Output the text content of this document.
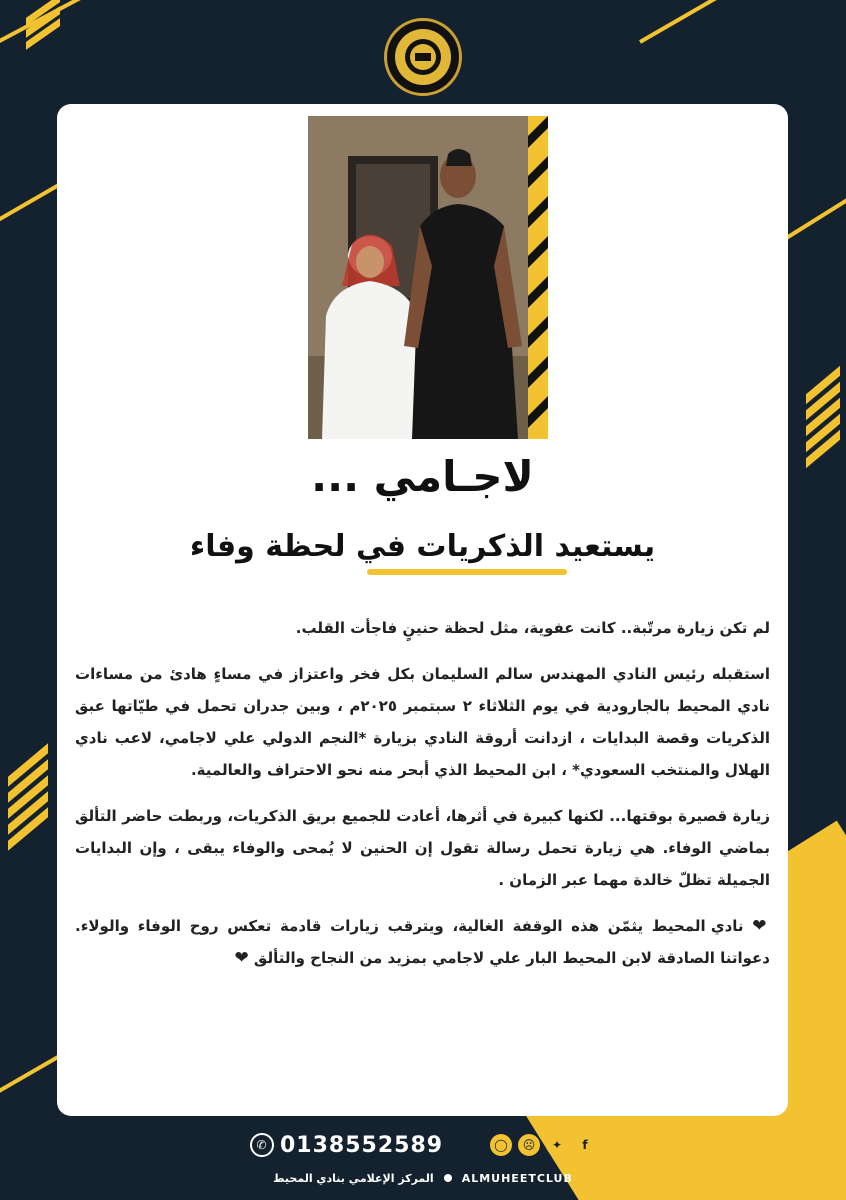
لاجـامي ...
يستعيد الذكريات في لحظة وفاء

لم تكن زيارة مرتّبة.. كانت عفوية، مثل لحظة حنينٍ فاجأت القلب.

استقبله رئيس النادي المهندس سالم السليمان بكل فخر واعتزاز في مساءٍ هادئ من مساءات نادي المحيط بالجارودية في يوم الثلاثاء ٢ سبتمبر ٢٠٢٥م ، وبين جدران تحمل في طيّاتها عبق الذكريات وقصة البدايات ، ازدانت أروقة النادي بزيارة *النجم الدولي علي لاجامي، لاعب نادي الهلال والمنتخب السعودي* ، ابن المحيط الذي أبحر منه نحو الاحتراف والعالمية.

زيارة قصيرة بوقتها... لكنها كبيرة في أثرها، أعادت للجميع بريق الذكريات، وربطت حاضر التألق بماضي الوفاء. هي زيارة تحمل رسالة تقول إن الحنين لا يُمحى والوفاء يبقى ، وإن البدايات الجميلة تظلّ خالدة مهما عبر الزمان .

❤ نادي المحيط يثمّن هذه الوقفة الغالية، ويترقب زيارات قادمة تعكس روح الوفاء والولاء. دعواتنا الصادقة لابن المحيط البار علي لاجامي بمزيد من النجاح والتألق ❤

✆ 0138552589	◯	☹	✦	f
المركز الإعلامي بنادي المحيط	ALMUHEETCLUB
